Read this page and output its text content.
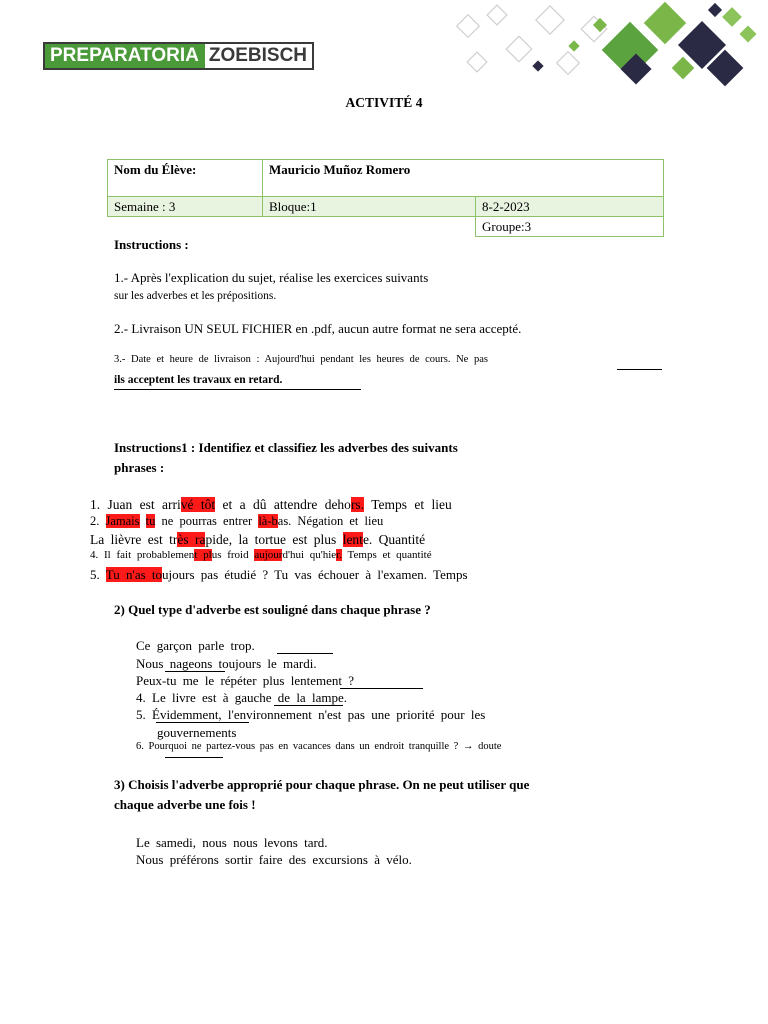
PREPARATORIA ZOEBISCH
ACTIVITÉ 4
Nom du Élève:	Mauricio Muñoz Romero	
Semaine : 3	Bloque:1	8-2-2023
		Groupe:3
Instructions :
1.- Après l'explication du sujet, réalise les exercices suivants
sur les adverbes et les prépositions.
2.- Livraison UN SEUL FICHIER en .pdf, aucun autre format ne sera accepté.
3.- Date et heure de livraison : Aujourd'hui pendant les heures de cours. Ne pas
ils acceptent les travaux en retard.
Instructions1 : Identifiez et classifiez les adverbes des suivants
phrases :
1. Juan est arrivé tôt et a dû attendre dehors. Temps et lieu
2. Jamais tu ne pourras entrer là-bas. Négation et lieu
La lièvre est très rapide, la tortue est plus lente. Quantité
4. Il fait probablement plus froid aujourd'hui qu'hier. Temps et quantité
5. Tu n'as toujours pas étudié ? Tu vas échouer à l'examen. Temps
2) Quel type d'adverbe est souligné dans chaque phrase ?
Ce garçon parle trop.
Nous nageons toujours le mardi.
Peux-tu me le répéter plus lentement ?
4. Le livre est à gauche de la lampe.
5. Évidemment, l'environnement n'est pas une priorité pour les
gouvernements
6. Pourquoi ne partez-vous pas en vacances dans un endroit tranquille ? → doute
3) Choisis l'adverbe approprié pour chaque phrase. On ne peut utiliser que
chaque adverbe une fois !
Le samedi, nous nous levons tard.
Nous préférons sortir faire des excursions à vélo.
